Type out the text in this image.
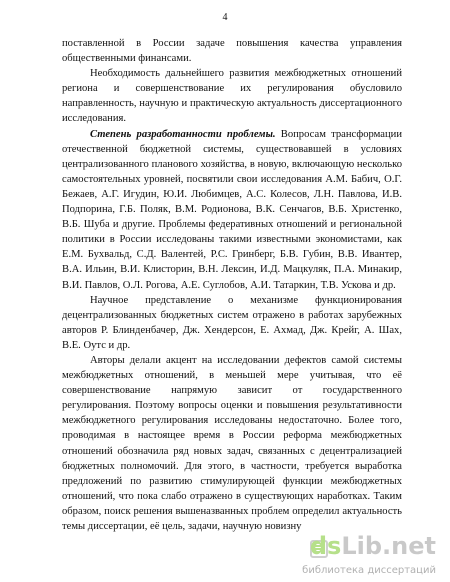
4

поставленной в России задаче повышения качества управления общественными финансами.

Необходимость дальнейшего развития межбюджетных отношений региона и совершенствование их регулирования обусловило направленность, научную и практическую актуальность диссертационного исследования.

Степень разработанности проблемы. Вопросам трансформации отечественной бюджетной системы, существовавшей в условиях централизованного планового хозяйства, в новую, включающую несколько самостоятельных уровней, посвятили свои исследования А.М. Бабич, О.Г. Бежаев, А.Г. Игудин, Ю.И. Любимцев, А.С. Колесов, Л.Н. Павлова, И.В. Подпорина, Г.Б. Поляк, В.М. Родионова, В.К. Сенчагов, В.Б. Христенко, В.Б. Шуба и другие. Проблемы федеративных отношений и региональной политики в России исследованы такими известными экономистами, как Е.М. Бухвальд, С.Д. Валентей, Р.С. Гринберг, Б.В. Губин, В.В. Ивантер, В.А. Ильин, В.И. Клисторин, В.Н. Лексин, И.Д. Мацкуляк, П.А. Минакир, В.И. Павлов, О.Л. Рогова, А.Е. Суглобов, А.И. Татаркин, Т.В. Ускова и др.

Научное представление о механизме функционирования децентрализованных бюджетных систем отражено в работах зарубежных авторов Р. Блинденбачер, Дж. Хендерсон, Е. Ахмад, Дж. Крейг, А. Шах, В.Е. Оутс и др.

Авторы делали акцент на исследовании дефектов самой системы межбюджетных отношений, в меньшей мере учитывая, что её совершенствование напрямую зависит от государственного регулирования. Поэтому вопросы оценки и повышения результативности межбюджетного регулирования исследованы недостаточно. Более того, проводимая в настоящее время в России реформа межбюджетных отношений обозначила ряд новых задач, связанных с децентрализацией бюджетных полномочий. Для этого, в частности, требуется выработка предложений по развитию стимулирующей функции межбюджетных отношений, что пока слабо отражено в существующих наработках. Таким образом, поиск решения вышеназванных проблем определил актуальность темы диссертации, её цель, задачи, научную новизну

dsLib.net
библиотека диссертаций
